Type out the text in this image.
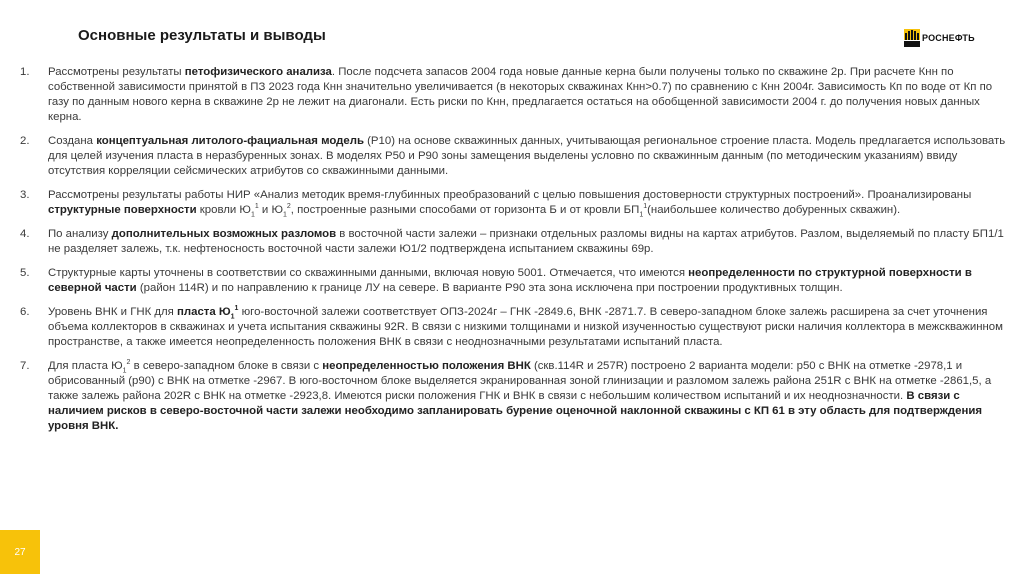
Основные результаты и выводы	РОСНЕФТЬ
1. Рассмотрены результаты петофизического анализа. После подсчета запасов 2004 года новые данные керна были получены только по скважине 2р. При расчете Кнн по собственной зависимости принятой в ПЗ 2023 года Кнн значительно увеличивается (в некоторых скважинах Кнн>0.7) по сравнению с Кнн 2004г. Зависимость Кп по воде от Кп по газу по данным нового керна в скважине 2р не лежит на диагонали. Есть риски по Кнн, предлагается остаться на обобщенной зависимости 2004 г. до получения новых данных керна.
2. Создана концептуальная литолого-фациальная модель (Р10) на основе скважинных данных, учитывающая региональное строение пласта. Модель предлагается использовать для целей изучения пласта в неразбуренных зонах. В моделях Р50 и Р90 зоны замещения выделены условно по скважинным данным (по методическим указаниям) ввиду отсутствия корреляции сейсмических атрибутов со скважинными данными.
3. Рассмотрены результаты работы НИР «Анализ методик время-глубинных преобразований с целью повышения достоверности структурных построений». Проанализированы структурные поверхности кровли $Ю_1^1$ и $Ю_1^2$, построенные разными способами от горизонта Б и от кровли $БП_1^1(наибольшее$ количество добуренных скважин).
4. По анализу дополнительных возможных разломов в восточной части залежи – признаки отдельных разломы видны на картах атрибутов. Разлом, выделяемый по пласту БП1/1 не разделяет залежь, т.к. нефтеносность восточной части залежи Ю1/2 подтверждена испытанием скважины 69р.
5. Структурные карты уточнены в соответствии со скважинными данными, включая новую 5001. Отмечается, что имеются неопределенности по структурной поверхности в северной части (район 114R) и по направлению к границе ЛУ на севере. В варианте Р90 эта зона исключена при построении продуктивных толщин.
6. Уровень ВНК и ГНК для пласта $Ю_1^1$ юго-восточной залежи соответствует ОПЗ-2024г – ГНК -2849.6, ВНК -2871.7. В северо-западном блоке залежь расширена за счет уточнения объема коллекторов в скважинах и учета испытания скважины 92R. В связи с низкими толщинами и низкой изученностью существуют риски наличия коллектора в межскважинном пространстве, а также имеется неопределенность положения ВНК в связи с неоднозначными результатами испытаний пласта.
7. Для пласта $Ю_1^2$ в северо-западном блоке в связи с неопределенностью положения ВНК (скв.114R и 257R) построено 2 варианта модели: р50 с ВНК на отметке -2978,1 и обрисованный (р90) с ВНК на отметке -2967. В юго-восточном блоке выделяется экранированная зоной глинизации и разломом залежь района 251R с ВНК на отметке -2861,5, а также залежь района 202R с ВНК на отметке -2923,8. Имеются риски положения ГНК и ВНК в связи с небольшим количеством испытаний и их неоднозначности. В связи с наличием рисков в северо-восточной части залежи необходимо запланировать бурение оценочной наклонной скважины с КП 61 в эту область для подтверждения уровня ВНК.
27
